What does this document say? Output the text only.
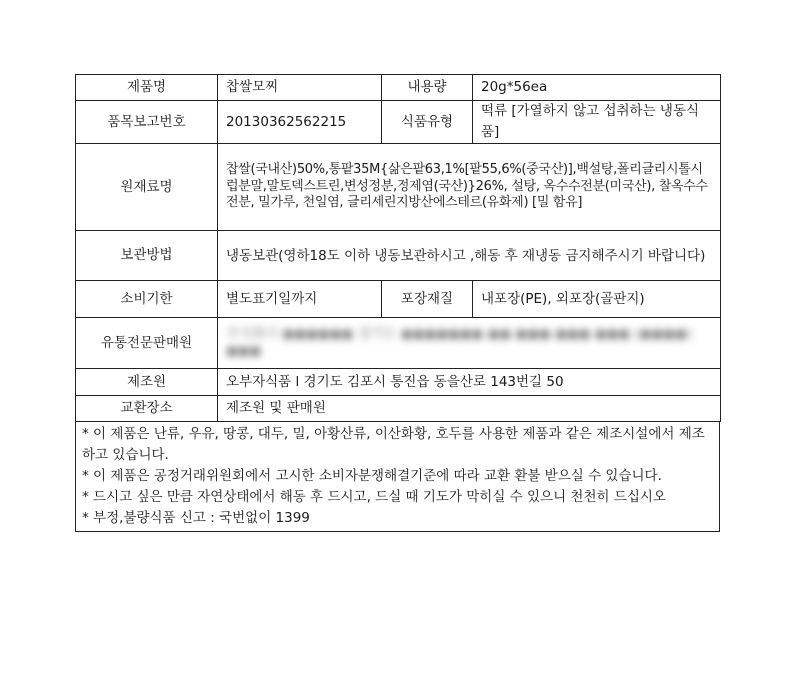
제품명	찹쌀모찌	내용량	20g*56ea
품목보고번호	20130362562215	식품유형	떡류 [가열하지 않고 섭취하는 냉동식품]
원재료명	찹쌀(국내산)50%,통팥35M{삶은팥63,1%[팥55,6%(중국산)],백설탕,폴리글리시톨시럽분말,말토덱스트린,변성정분,정제염(국산)}26%, 설탕, 옥수수전분(미국산), 찰옥수수전분, 밀가루, 천일염, 글리세린지방산에스테르(유화제) [밀 함유]		
보관방법	냉동보관(영하18도 이하 냉동보관하시고 ,해동 후 재냉동 금지해주시기 바랍니다)		
소비기한	별도표기일까지	포장재질	내포장(PE), 외포장(골판지)
유통전문판매원	주식회사 ●●●●●● 경기도 ●●●●●●● ●● ●●● ●●● ●●● (●●●●) ●●●		
제조원	오부자식품 l 경기도 김포시 통진읍 동을산로 143번길 50		
교환장소	제조원 및 판매원		

* 이 제품은 난류, 우유, 땅콩, 대두, 밀, 아황산류, 이산화황, 호두를 사용한 제품과 같은 제조시설에서 제조하고 있습니다.

* 이 제품은 공정거래위원회에서 고시한 소비자분쟁해결기준에 따라 교환 환불 받으실 수 있습니다.

* 드시고 싶은 만큼 자연상태에서 해동 후 드시고, 드실 때 기도가 막히실 수 있으니 천천히 드십시오

* 부정,불량식품 신고 : 국번없이 1399
